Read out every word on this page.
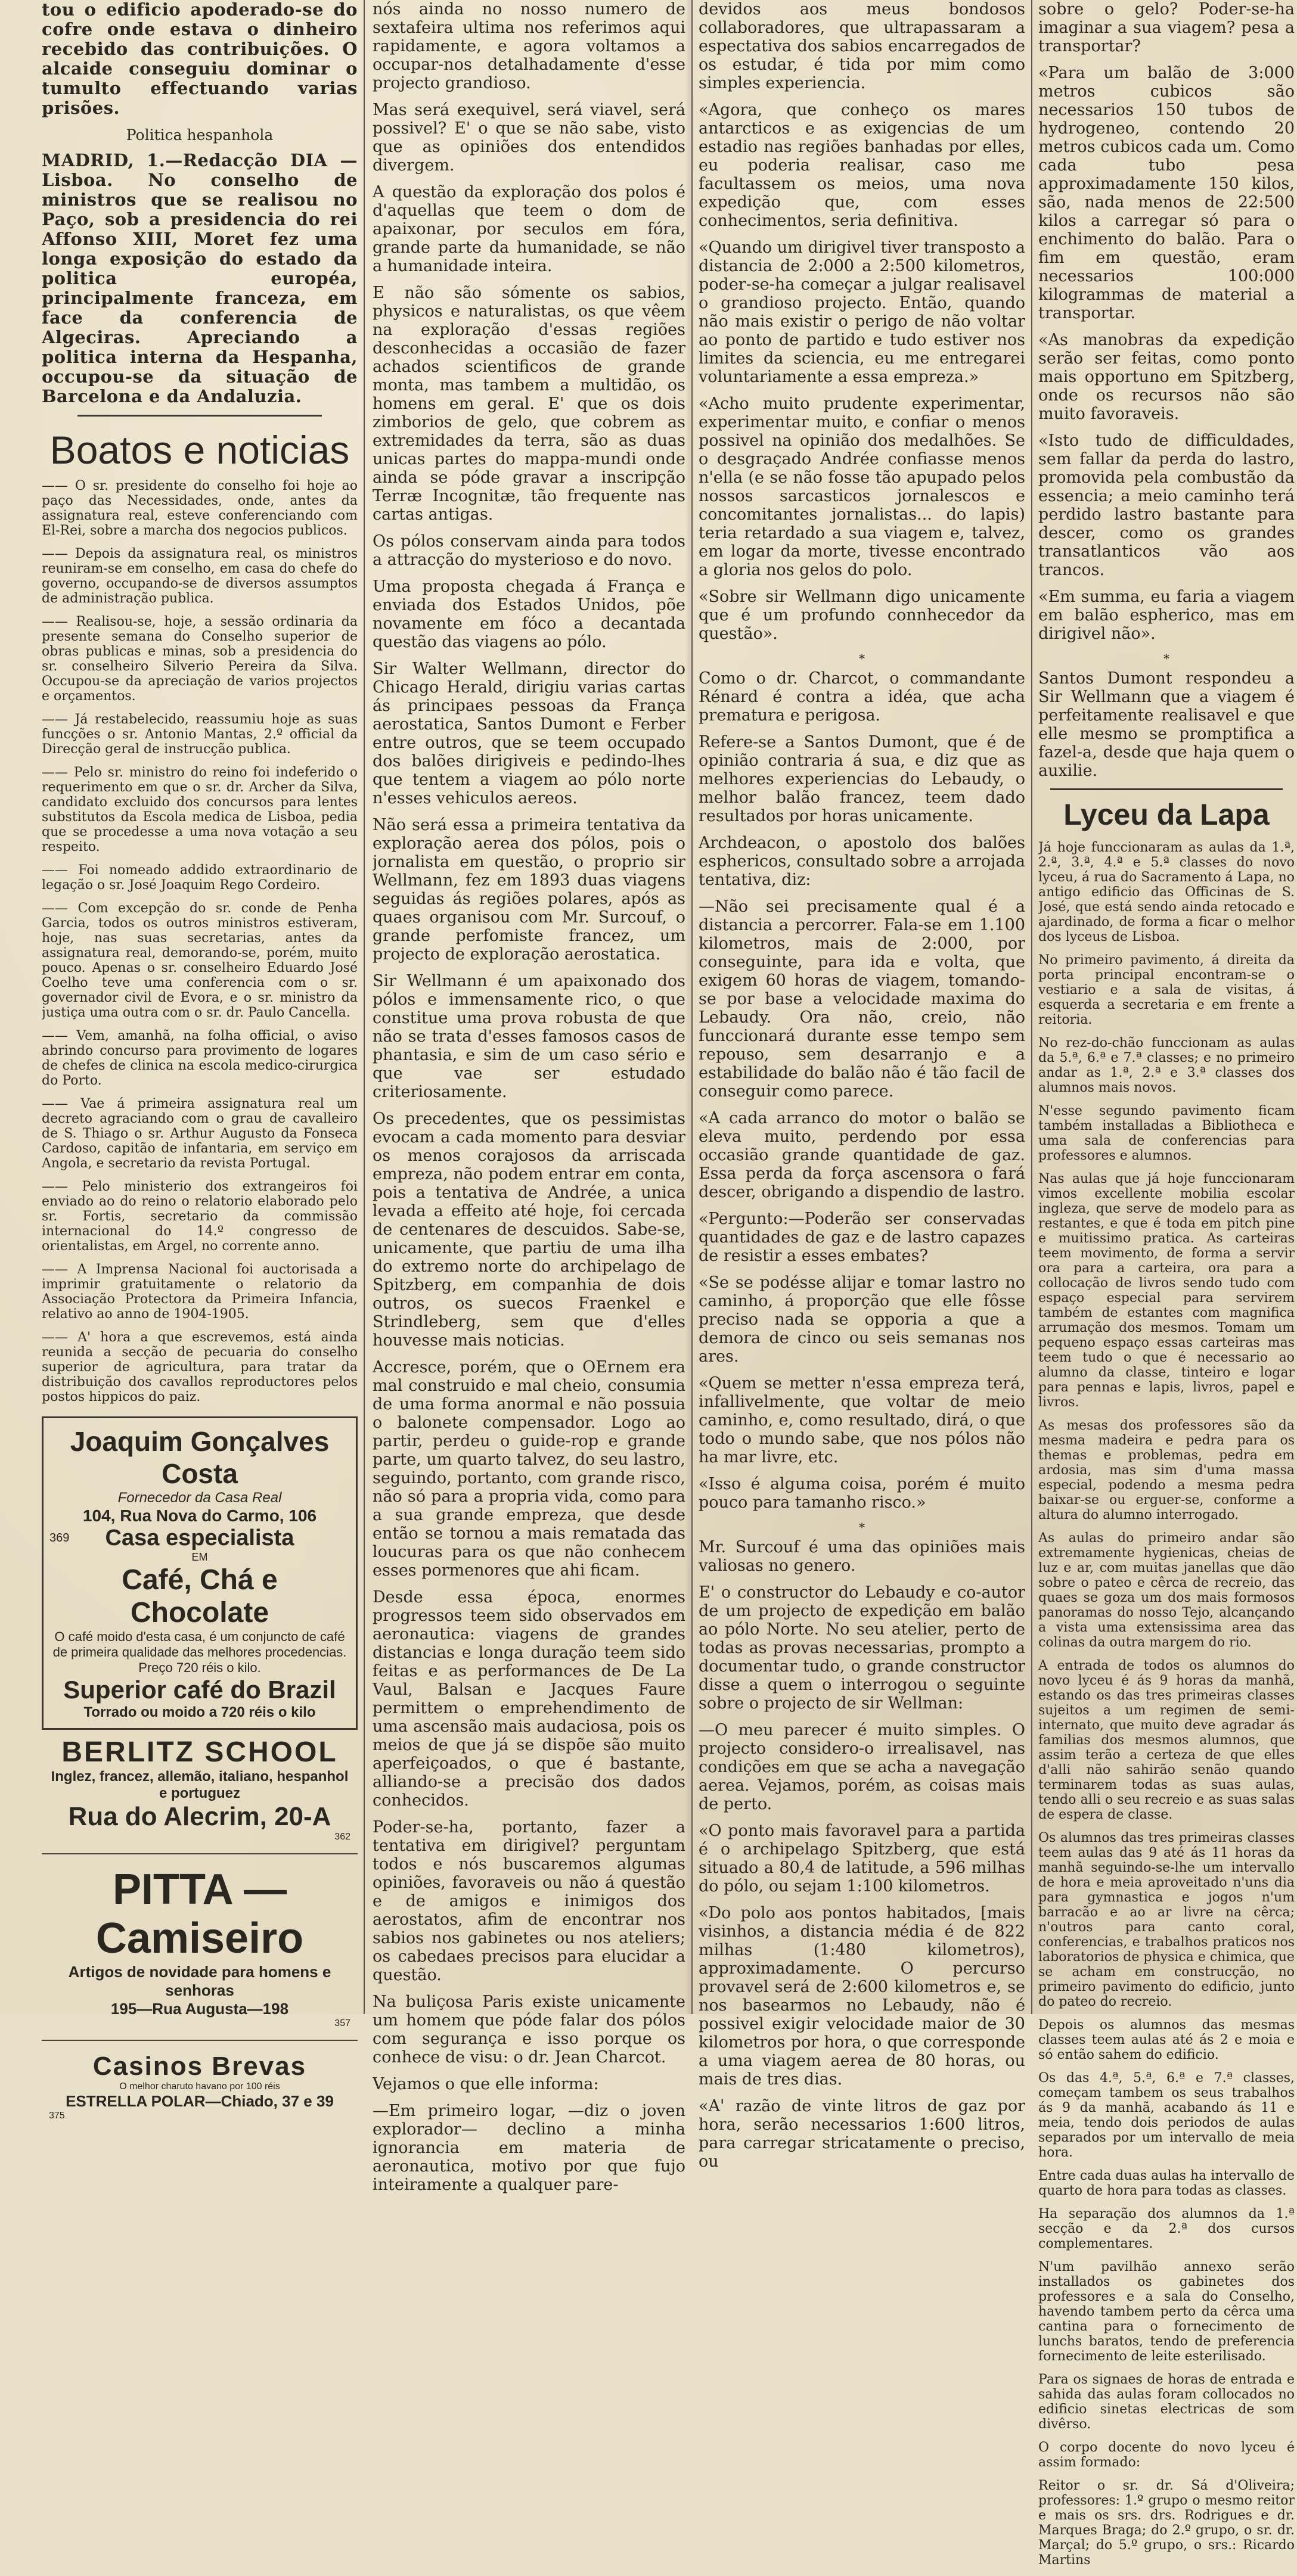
tou o edificio apoderado-se do cofre onde estava o dinheiro recebido das contribuições. O alcaide conseguiu dominar o tumulto effectuando varias prisões.

Politica hespanhola

MADRID, 1.—Redacção DIA —Lisboa. No conselho de ministros que se realisou no Paço, sob a presidencia do rei Affonso XIII, Moret fez uma longa exposição do estado da politica européa, principalmente franceza, em face da conferencia de Algeciras. Apreciando a politica interna da Hespanha, occupou-se da situação de Barcelona e da Andaluzia.

Boatos e noticias

—— O sr. presidente do conselho foi hoje ao paço das Necessidades, onde, antes da assignatura real, esteve conferenciando com El-Rei, sobre a marcha dos negocios publicos.

—— Depois da assignatura real, os ministros reuniram-se em conselho, em casa do chefe do governo, occupando-se de diversos assumptos de administração publica.

—— Realisou-se, hoje, a sessão ordinaria da presente semana do Conselho superior de obras publicas e minas, sob a presidencia do sr. conselheiro Silverio Pereira da Silva. Occupou-se da apreciação de varios projectos e orçamentos.

—— Já restabelecido, reassumiu hoje as suas funcções o sr. Antonio Mantas, 2.º official da Direcção geral de instrucção publica.

—— Pelo sr. ministro do reino foi indeferido o requerimento em que o sr. dr. Archer da Silva, candidato excluido dos concursos para lentes substitutos da Escola medica de Lisboa, pedia que se procedesse a uma nova votação a seu respeito.

—— Foi nomeado addido extraordinario de legação o sr. José Joaquim Rego Cordeiro.

—— Com excepção do sr. conde de Penha Garcia, todos os outros ministros estiveram, hoje, nas suas secretarias, antes da assignatura real, demorando-se, porém, muito pouco. Apenas o sr. conselheiro Eduardo José Coelho teve uma conferencia com o sr. governador civil de Evora, e o sr. ministro da justiça uma outra com o sr. dr. Paulo Cancella.

—— Vem, amanhã, na folha official, o aviso abrindo concurso para provimento de logares de chefes de clinica na escola medico-cirurgica do Porto.

—— Vae á primeira assignatura real um decreto agraciando com o grau de cavalleiro de S. Thiago o sr. Arthur Augusto da Fonseca Cardoso, capitão de infantaria, em serviço em Angola, e secretario da revista Portugal.

—— Pelo ministerio dos extrangeiros foi enviado ao do reino o relatorio elaborado pelo sr. Fortis, secretario da commissão internacional do 14.º congresso de orientalistas, em Argel, no corrente anno.

—— A Imprensa Nacional foi auctorisada a imprimir gratuitamente o relatorio da Associação Protectora da Primeira Infancia, relativo ao anno de 1904-1905.

—— A' hora a que escrevemos, está ainda reunida a secção de pecuaria do conselho superior de agricultura, para tratar da distribuição dos cavallos reproductores pelos postos hippicos do paiz.

Joaquim Gonçalves Costa
Fornecedor da Casa Real
104, Rua Nova do Carmo, 106
Casa especialista
EM
369
Café, Chá e Chocolate
O café moido d'esta casa, é um conjuncto de café de primeira qualidade das melhores procedencias. Preço 720 réis o kilo.
Superior café do Brazil
Torrado ou moido a 720 réis o kilo
BERLITZ SCHOOL
Inglez, francez, allemão, italiano, hespanhol e portuguez
Rua do Alecrim, 20-A
362
PITTA — Camiseiro
Artigos de novidade para homens e senhoras
195—Rua Augusta—198
357
Casinos Brevas
O melhor charuto havano por 100 réis
ESTRELLA POLAR—Chiado, 37 e 39
375

nós ainda no nosso numero de sextafeira ultima nos referimos aqui rapidamente, e agora voltamos a occupar-nos detalhadamente d'esse projecto grandioso.

Mas será exequivel, será viavel, será possivel? E' o que se não sabe, visto que as opiniões dos entendidos divergem.

A questão da exploração dos polos é d'aquellas que teem o dom de apaixonar, por seculos em fóra, grande parte da humanidade, se não a humanidade inteira.

E não são sómente os sabios, physicos e naturalistas, os que vêem na exploração d'essas regiões desconhecidas a occasião de fazer achados scientificos de grande monta, mas tambem a multidão, os homens em geral. E' que os dois zimborios de gelo, que cobrem as extremidades da terra, são as duas unicas partes do mappa-mundi onde ainda se póde gravar a inscripção Terræ Incognitæ, tão frequente nas cartas antigas.

Os pólos conservam ainda para todos a attracção do mysterioso e do novo.

Uma proposta chegada á França e enviada dos Estados Unidos, põe novamente em fóco a decantada questão das viagens ao pólo.

Sir Walter Wellmann, director do Chicago Herald, dirigiu varias cartas ás principaes pessoas da França aerostatica, Santos Dumont e Ferber entre outros, que se teem occupado dos balões dirigiveis e pedindo-lhes que tentem a viagem ao pólo norte n'esses vehiculos aereos.

Não será essa a primeira tentativa da exploração aerea dos pólos, pois o jornalista em questão, o proprio sir Wellmann, fez em 1893 duas viagens seguidas ás regiões polares, após as quaes organisou com Mr. Surcouf, o grande perfomiste francez, um projecto de exploração aerostatica.

Sir Wellmann é um apaixonado dos pólos e immensamente rico, o que constitue uma prova robusta de que não se trata d'esses famosos casos de phantasia, e sim de um caso sério e que vae ser estudado criteriosamente.

Os precedentes, que os pessimistas evocam a cada momento para desviar os menos corajosos da arriscada empreza, não podem entrar em conta, pois a tentativa de Andrée, a unica levada a effeito até hoje, foi cercada de centenares de descuidos. Sabe-se, unicamente, que partiu de uma ilha do extremo norte do archipelago de Spitzberg, em companhia de dois outros, os suecos Fraenkel e Strindleberg, sem que d'elles houvesse mais noticias.

Accresce, porém, que o OErnem era mal construido e mal cheio, consumia de uma forma anormal e não possuia o balonete compensador. Logo ao partir, perdeu o guide-rop e grande parte, um quarto talvez, do seu lastro, seguindo, portanto, com grande risco, não só para a propria vida, como para a sua grande empreza, que desde então se tornou a mais rematada das loucuras para os que não conhecem esses pormenores que ahi ficam.

Desde essa época, enormes progressos teem sido observados em aeronautica: viagens de grandes distancias e longa duração teem sido feitas e as performances de De La Vaul, Balsan e Jacques Faure permittem o emprehendimento de uma ascensão mais audaciosa, pois os meios de que já se dispõe são muito aperfeiçoados, o que é bastante, alliando-se a precisão dos dados conhecidos.

Poder-se-ha, portanto, fazer a tentativa em dirigivel? perguntam todos e nós buscaremos algumas opiniões, favoraveis ou não á questão e de amigos e inimigos dos aerostatos, afim de encontrar nos sabios nos gabinetes ou nos ateliers; os cabedaes precisos para elucidar a questão.

Na buliçosa Paris existe unicamente um homem que póde falar dos pólos com segurança e isso porque os conhece de visu: o dr. Jean Charcot.

Vejamos o que elle informa:

—Em primeiro logar, —diz o joven explorador— declino a minha ignorancia em materia de aeronautica, motivo por que fujo inteiramente a qualquer pare-

devidos aos meus bondosos collaboradores, que ultrapassaram a espectativa dos sabios encarregados de os estudar, é tida por mim como simples experiencia.

«Agora, que conheço os mares antarcticos e as exigencias de um estadio nas regiões banhadas por elles, eu poderia realisar, caso me facultassem os meios, uma nova expedição que, com esses conhecimentos, seria definitiva.

«Quando um dirigivel tiver transposto a distancia de 2:000 a 2:500 kilometros, poder-se-ha começar a julgar realisavel o grandioso projecto. Então, quando não mais existir o perigo de não voltar ao ponto de partido e tudo estiver nos limites da sciencia, eu me entregarei voluntariamente a essa empreza.»

«Acho muito prudente experimentar, experimentar muito, e confiar o menos possivel na opinião dos medalhões. Se o desgraçado Andrée confiasse menos n'ella (e se não fosse tão apupado pelos nossos sarcasticos jornalescos e concomitantes jornalistas... do lapis) teria retardado a sua viagem e, talvez, em logar da morte, tivesse encontrado a gloria nos gelos do polo.

«Sobre sir Wellmann digo unicamente que é um profundo connhecedor da questão».

*

Como o dr. Charcot, o commandante Rénard é contra a idéa, que acha prematura e perigosa.

Refere-se a Santos Dumont, que é de opinião contraria á sua, e diz que as melhores experiencias do Lebaudy, o melhor balão francez, teem dado resultados por horas unicamente.

Archdeacon, o apostolo dos balões esphericos, consultado sobre a arrojada tentativa, diz:

—Não sei precisamente qual é a distancia a percorrer. Fala-se em 1.100 kilometros, mais de 2:000, por conseguinte, para ida e volta, que exigem 60 horas de viagem, tomando-se por base a velocidade maxima do Lebaudy. Ora não, creio, não funccionará durante esse tempo sem repouso, sem desarranjo e a estabilidade do balão não é tão facil de conseguir como parece.

«A cada arranco do motor o balão se eleva muito, perdendo por essa occasião grande quantidade de gaz. Essa perda da força ascensora o fará descer, obrigando a dispendio de lastro.

«Pergunto:—Poderão ser conservadas quantidades de gaz e de lastro capazes de resistir a esses embates?

«Se se podésse alijar e tomar lastro no caminho, á proporção que elle fôsse preciso nada se opporia a que a demora de cinco ou seis semanas nos ares.

«Quem se metter n'essa empreza terá, infallivelmente, que voltar de meio caminho, e, como resultado, dirá, o que todo o mundo sabe, que nos pólos não ha mar livre, etc.

«Isso é alguma coisa, porém é muito pouco para tamanho risco.»

*

Mr. Surcouf é uma das opiniões mais valiosas no genero.

E' o constructor do Lebaudy e co-autor de um projecto de expedição em balão ao pólo Norte. No seu atelier, perto de todas as provas necessarias, prompto a documentar tudo, o grande constructor disse a quem o interrogou o seguinte sobre o projecto de sir Wellman:

—O meu parecer é muito simples. O projecto considero-o irrealisavel, nas condições em que se acha a navegação aerea. Vejamos, porém, as coisas mais de perto.

«O ponto mais favoravel para a partida é o archipelago Spitzberg, que está situado a 80,4 de latitude, a 596 milhas do pólo, ou sejam 1:100 kilometros.

«Do polo aos pontos habitados, [mais visinhos, a distancia média é de 822 milhas (1:480 kilometros), approximadamente. O percurso provavel será de 2:600 kilometros e, se nos basearmos no Lebaudy, não é possivel exigir velocidade maior de 30 kilometros por hora, o que corresponde a uma viagem aerea de 80 horas, ou mais de tres dias.

«A' razão de vinte litros de gaz por hora, serão necessarios 1:600 litros, para carregar stricatamente o preciso, ou

sobre o gelo? Poder-se-ha imaginar a sua viagem? pesa a transportar?

«Para um balão de 3:000 metros cubicos são necessarios 150 tubos de hydrogeneo, contendo 20 metros cubicos cada um. Como cada tubo pesa approximadamente 150 kilos, são, nada menos de 22:500 kilos a carregar só para o enchimento do balão. Para o fim em questão, eram necessarios 100:000 kilogrammas de material a transportar.

«As manobras da expedição serão ser feitas, como ponto mais opportuno em Spitzberg, onde os recursos não são muito favoraveis.

«Isto tudo de difficuldades, sem fallar da perda do lastro, promovida pela combustão da essencia; a meio caminho terá perdido lastro bastante para descer, como os grandes transatlanticos vão aos trancos.

«Em summa, eu faria a viagem em balão espherico, mas em dirigivel não».

*

Santos Dumont respondeu a Sir Wellmann que a viagem é perfeitamente realisavel e que elle mesmo se promptifica a fazel-a, desde que haja quem o auxilie.

Lyceu da Lapa

Já hoje funccionaram as aulas da 1.ª, 2.ª, 3.ª, 4.ª e 5.ª classes do novo lyceu, á rua do Sacramento á Lapa, no antigo edificio das Officinas de S. José, que está sendo ainda retocado e ajardinado, de forma a ficar o melhor dos lyceus de Lisboa.

No primeiro pavimento, á direita da porta principal encontram-se o vestiario e a sala de visitas, á esquerda a secretaria e em frente a reitoria.

No rez-do-chão funccionam as aulas da 5.ª, 6.ª e 7.ª classes; e no primeiro andar as 1.ª, 2.ª e 3.ª classes dos alumnos mais novos.

N'esse segundo pavimento ficam também installadas a Bibliotheca e uma sala de conferencias para professores e alumnos.

Nas aulas que já hoje funccionaram vimos excellente mobilia escolar ingleza, que serve de modelo para as restantes, e que é toda em pitch pine e muitissimo pratica. As carteiras teem movimento, de forma a servir ora para a carteira, ora para a collocação de livros sendo tudo com espaço especial para servirem também de estantes com magnifica arrumação dos mesmos. Tomam um pequeno espaço essas carteiras mas teem tudo o que é necessario ao alumno da classe, tinteiro e logar para pennas e lapis, livros, papel e livros.

As mesas dos professores são da mesma madeira e pedra para os themas e problemas, pedra em ardosia, mas sim d'uma massa especial, podendo a mesma pedra baixar-se ou erguer-se, conforme a altura do alumno interrogado.

As aulas do primeiro andar são extremamente hygienicas, cheias de luz e ar, com muitas janellas que dão sobre o pateo e cêrca de recreio, das quaes se goza um dos mais formosos panoramas do nosso Tejo, alcançando a vista uma extensissima area das colinas da outra margem do rio.

A entrada de todos os alumnos do novo lyceu é ás 9 horas da manhã, estando os das tres primeiras classes sujeitos a um regimen de semi-internato, que muito deve agradar ás familias dos mesmos alumnos, que assim terão a certeza de que elles d'alli não sahirão senão quando terminarem todas as suas aulas, tendo alli o seu recreio e as suas salas de espera de classe.

Os alumnos das tres primeiras classes teem aulas das 9 até ás 11 horas da manhã seguindo-se-lhe um intervallo de hora e meia aproveitado n'uns dia para gymnastica e jogos n'um barracão e ao ar livre na cêrca; n'outros para canto coral, conferencias, e trabalhos praticos nos laboratorios de physica e chimica, que se acham em construcção, no primeiro pavimento do edificio, junto do pateo do recreio.

Depois os alumnos das mesmas classes teem aulas até ás 2 e moia e só então sahem do edificio.

Os das 4.ª, 5.ª, 6.ª e 7.ª classes, começam tambem os seus trabalhos ás 9 da manhã, acabando ás 11 e meia, tendo dois periodos de aulas separados por um intervallo de meia hora.

Entre cada duas aulas ha intervallo de quarto de hora para todas as classes.

Ha separação dos alumnos da 1.ª secção e da 2.ª dos cursos complementares.

N'um pavilhão annexo serão installados os gabinetes dos professores e a sala do Conselho, havendo tambem perto da cêrca uma cantina para o fornecimento de lunchs baratos, tendo de preferencia fornecimento de leite esterilisado.

Para os signaes de horas de entrada e sahida das aulas foram collocados no edificio sinetas electricas de som divêrso.

O corpo docente do novo lyceu é assim formado:

Reitor o sr. dr. Sá d'Oliveira; professores: 1.º grupo o mesmo reitor e mais os srs. drs. Rodrigues e dr. Marques Braga; do 2.º grupo, o sr. dr. Marçal; do 5.º grupo, o srs.: Ricardo Martins
